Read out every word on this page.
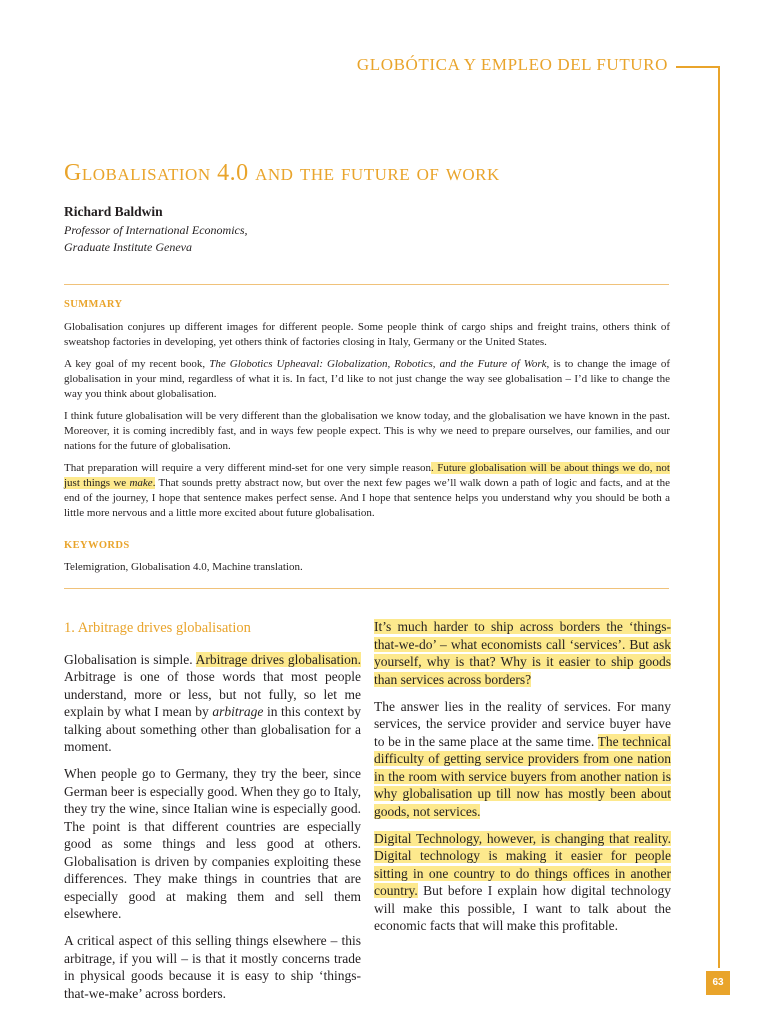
GLOBÓTICA Y EMPLEO DEL FUTURO
Globalisation 4.0 and the future of work
Richard Baldwin
Professor of International Economics,
Graduate Institute Geneva
SUMMARY

Globalisation conjures up different images for different people. Some people think of cargo ships and freight trains, others think of sweatshop factories in developing, yet others think of factories closing in Italy, Germany or the United States.

A key goal of my recent book, The Globotics Upheaval: Globalization, Robotics, and the Future of Work, is to change the image of globalisation in your mind, regardless of what it is. In fact, I’d like to not just change the way see globalisation – I’d like to change the way you think about globalisation.

I think future globalisation will be very different than the globalisation we know today, and the globalisation we have known in the past. Moreover, it is coming incredibly fast, and in ways few people expect. This is why we need to prepare ourselves, our families, and our nations for the future of globalisation.

That preparation will require a very different mind-set for one very simple reason. Future globalisation will be about things we do, not just things we make. That sounds pretty abstract now, but over the next few pages we’ll walk down a path of logic and facts, and at the end of the journey, I hope that sentence makes perfect sense. And I hope that sentence helps you understand why you should be both a little more nervous and a little more excited about future globalisation.

KEYWORDS
Telemigration, Globalisation 4.0, Machine translation.
1. Arbitrage drives globalisation

Globalisation is simple. Arbitrage drives globalisation. Arbitrage is one of those words that most people understand, more or less, but not fully, so let me explain by what I mean by arbitrage in this context by talking about something other than globalisation for a moment.

When people go to Germany, they try the beer, since German beer is especially good. When they go to Italy, they try the wine, since Italian wine is especially good. The point is that different countries are especially good as some things and less good at others. Globalisation is driven by companies exploiting these differences. They make things in countries that are especially good at making them and sell them elsewhere.

A critical aspect of this selling things elsewhere – this arbitrage, if you will – is that it mostly concerns trade in physical goods because it is easy to ship ‘things-that-we-make’ across borders.

It’s much harder to ship across borders the ‘things-that-we-do’ – what economists call ‘services’. But ask yourself, why is that? Why is it easier to ship goods than services across borders?

The answer lies in the reality of services. For many services, the service provider and service buyer have to be in the same place at the same time. The technical difficulty of getting service providers from one nation in the room with service buyers from another nation is why globalisation up till now has mostly been about goods, not services.

Digital Technology, however, is changing that reality. Digital technology is making it easier for people sitting in one country to do things offices in another country. But before I explain how digital technology will make this possible, I want to talk about the economic facts that will make this profitable.

63
